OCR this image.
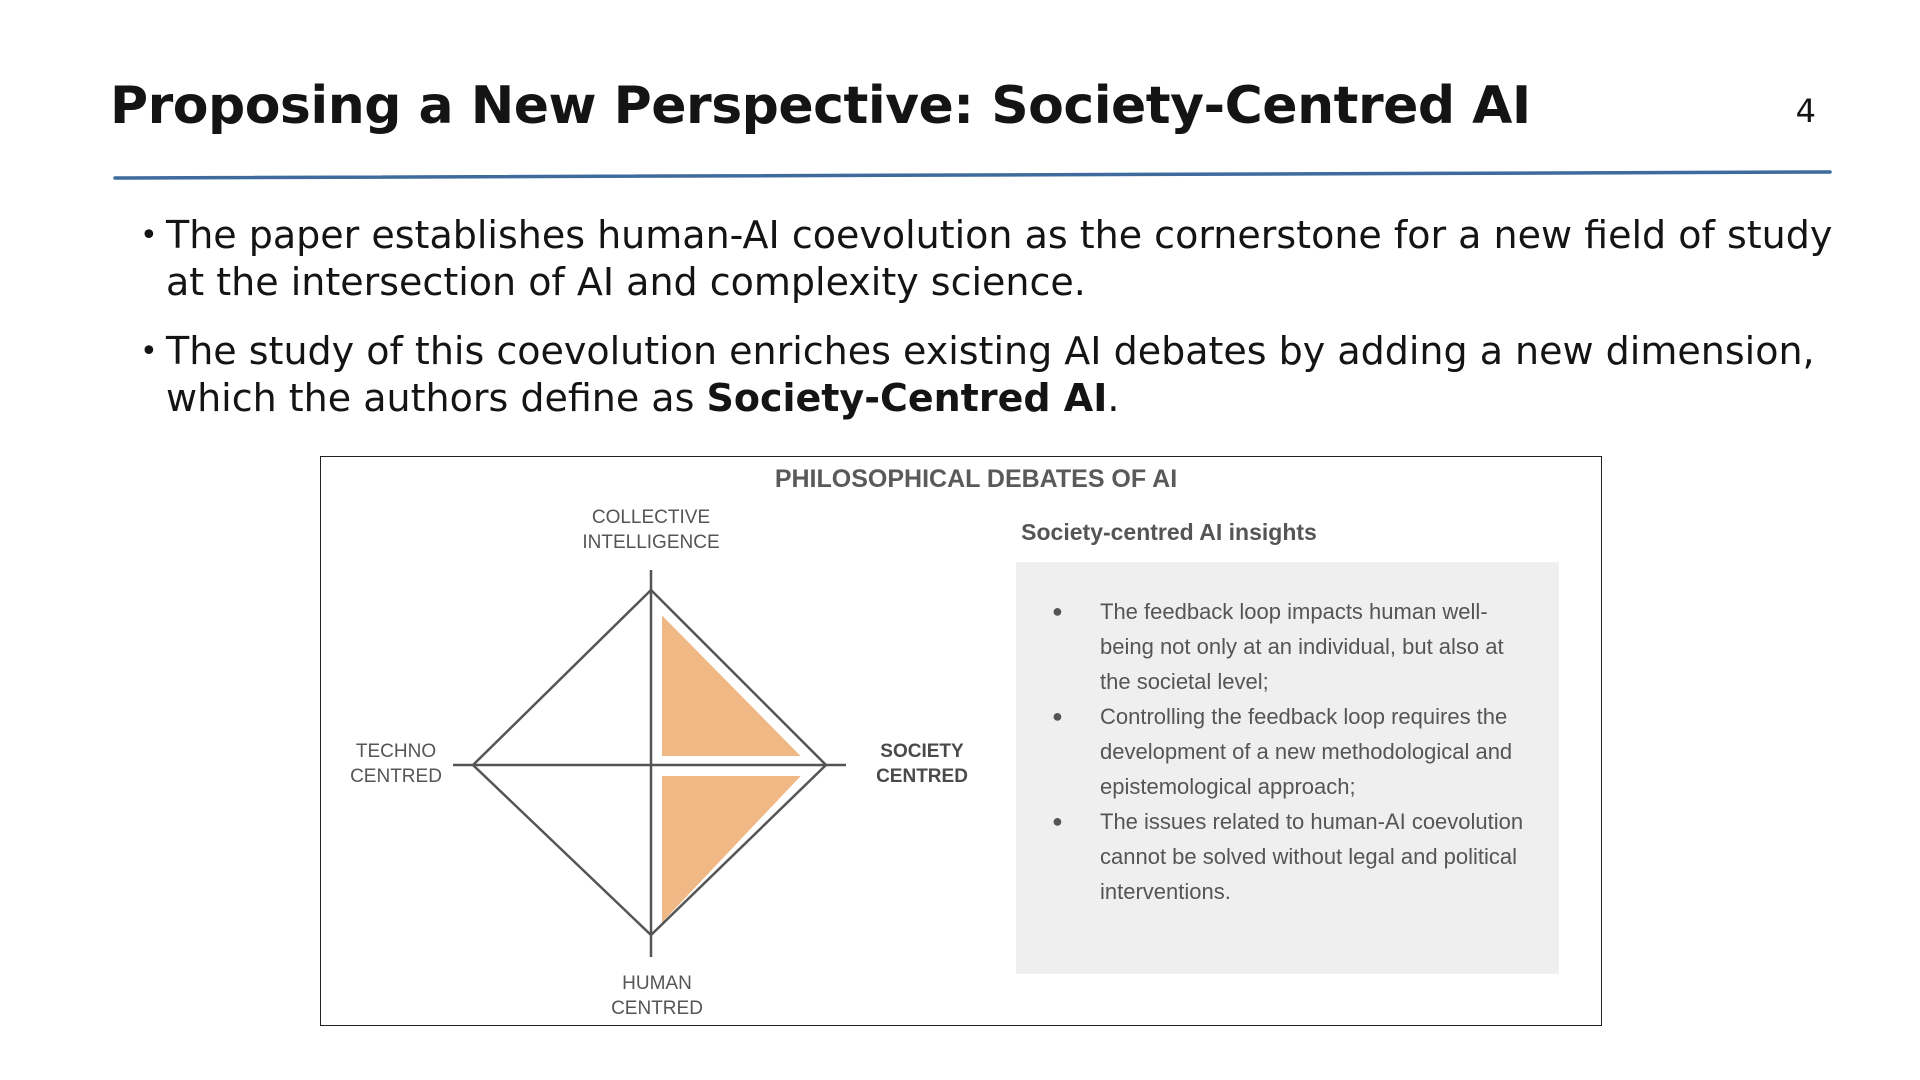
Proposing a New Perspective: Society-Centred AI	4
• The paper establishes human-AI coevolution as the cornerstone for a new field of study at the intersection of AI and complexity science.
• The study of this coevolution enriches existing AI debates by adding a new dimension, which the authors define as Society-Centred AI.
PHILOSOPHICAL DEBATES OF AI
COLLECTIVE
INTELLIGENCE
TECHNO
CENTRED
SOCIETY
CENTRED
HUMAN
CENTRED
Society-centred AI insights
● The feedback loop impacts human well-being not only at an individual, but also at the societal level;
● Controlling the feedback loop requires the development of a new methodological and epistemological approach;
● The issues related to human-AI coevolution cannot be solved without legal and political interventions.
